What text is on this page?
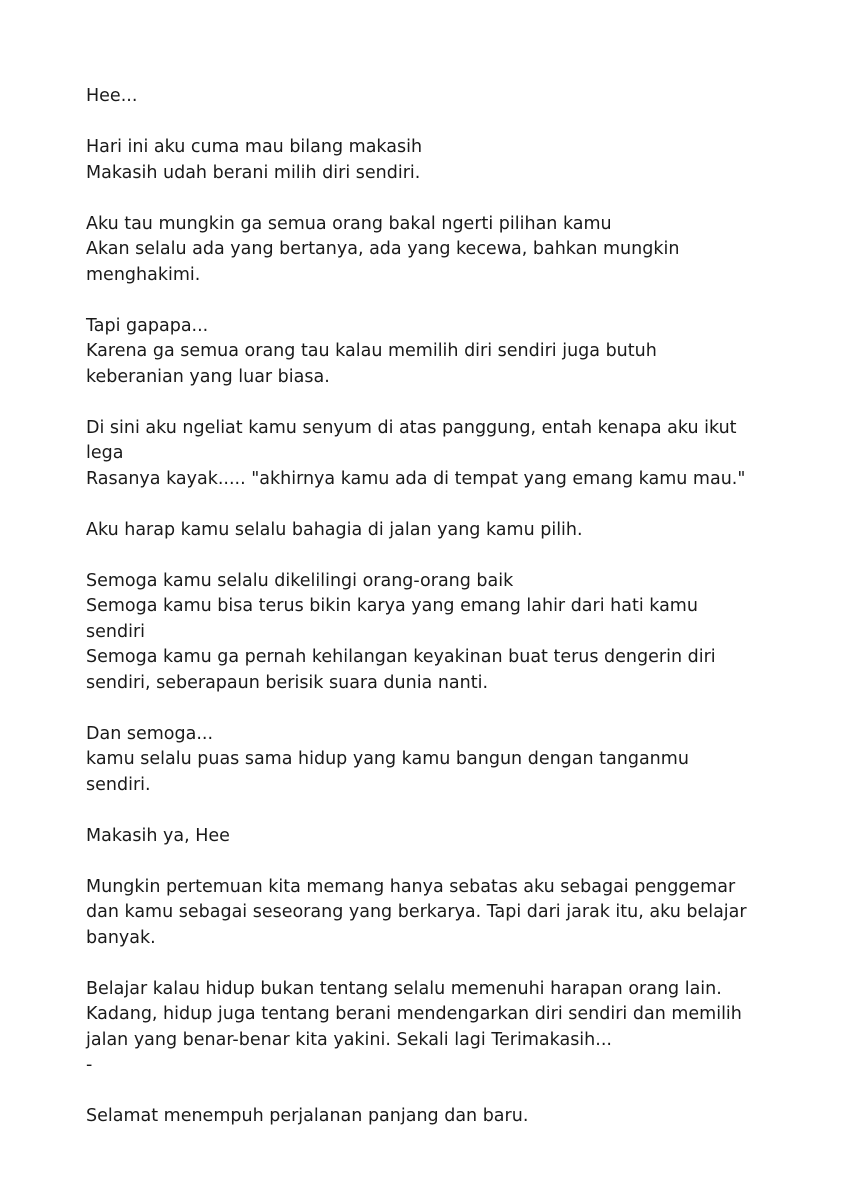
Hee...

Hari ini aku cuma mau bilang makasih
Makasih udah berani milih diri sendiri.

Aku tau mungkin ga semua orang bakal ngerti pilihan kamu
Akan selalu ada yang bertanya, ada yang kecewa, bahkan mungkin
menghakimi.

Tapi gapapa...
Karena ga semua orang tau kalau memilih diri sendiri juga butuh
keberanian yang luar biasa.

Di sini aku ngeliat kamu senyum di atas panggung, entah kenapa aku ikut
lega
Rasanya kayak..... "akhirnya kamu ada di tempat yang emang kamu mau."

Aku harap kamu selalu bahagia di jalan yang kamu pilih.

Semoga kamu selalu dikelilingi orang-orang baik
Semoga kamu bisa terus bikin karya yang emang lahir dari hati kamu
sendiri
Semoga kamu ga pernah kehilangan keyakinan buat terus dengerin diri
sendiri, seberapaun berisik suara dunia nanti.

Dan semoga...
kamu selalu puas sama hidup yang kamu bangun dengan tanganmu
sendiri.

Makasih ya, Hee

Mungkin pertemuan kita memang hanya sebatas aku sebagai penggemar
dan kamu sebagai seseorang yang berkarya. Tapi dari jarak itu, aku belajar
banyak.

Belajar kalau hidup bukan tentang selalu memenuhi harapan orang lain.
Kadang, hidup juga tentang berani mendengarkan diri sendiri dan memilih
jalan yang benar-benar kita yakini. Sekali lagi Terimakasih...
-

Selamat menempuh perjalanan panjang dan baru.
